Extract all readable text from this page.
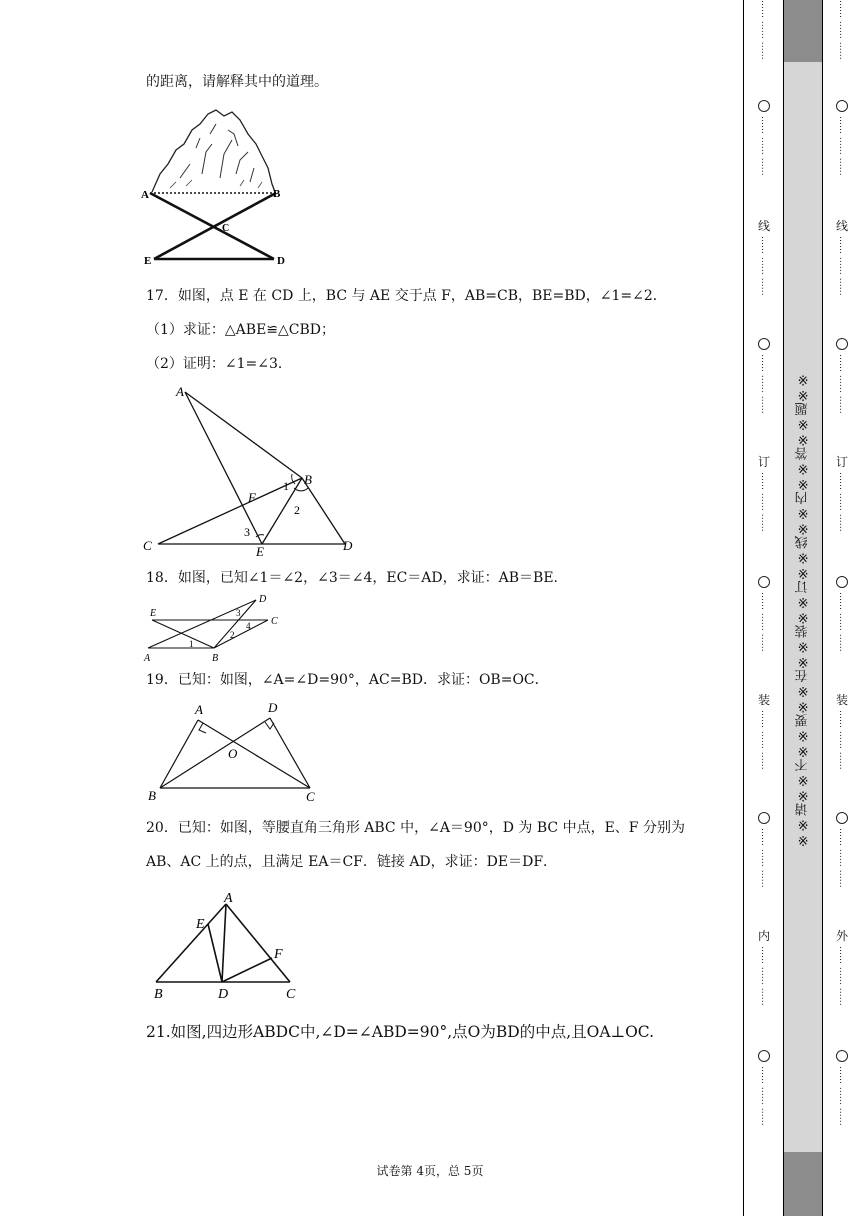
的距离，请解释其中的道理。
A	B
C
E	D
17．如图，点 E 在 CD 上，BC 与 AE 交于点 F，AB=CB，BE=BD，∠1=∠2．
（1）求证：△ABE≌△CBD；
（2）证明：∠1=∠3．
A
B
C	E	D
F
1
2
3
18．如图，已知∠1＝∠2，∠3＝∠4，EC＝AD，求证：AB＝BE.
E
D
C
A	B
1
2
3
4
19．已知：如图，∠A=∠D=90°，AC=BD．求证：OB=OC．
A	D
O
B	C
20．已知：如图，等腰直角三角形 ABC 中，∠A＝90°，D 为 BC 中点，E、F 分别为
AB、AC 上的点，且满足 EA＝CF．链接 AD，求证：DE＝DF．
A
E
F
B	D	C
21.如图,四边形ABDC中,∠D=∠ABD=90°,点O为BD的中点,且OA⊥OC.
试卷第 4页，总 5页
…… …… ……
…… …… ……
线
…… …… ……
…… …… ……
订
…… …… ……
…… …… ……
装
…… …… ……
…… …… ……
内
…… …… ……
…… …… ……
…… …… ……
…… …… ……
线
…… …… ……
…… …… ……
订
…… …… ……
…… …… ……
装
…… …… ……
…… …… ……
外
…… …… ……
…… …… ……
※※请※※不※※要※※在※※装※※订※※线※※内※※答※※题※※
